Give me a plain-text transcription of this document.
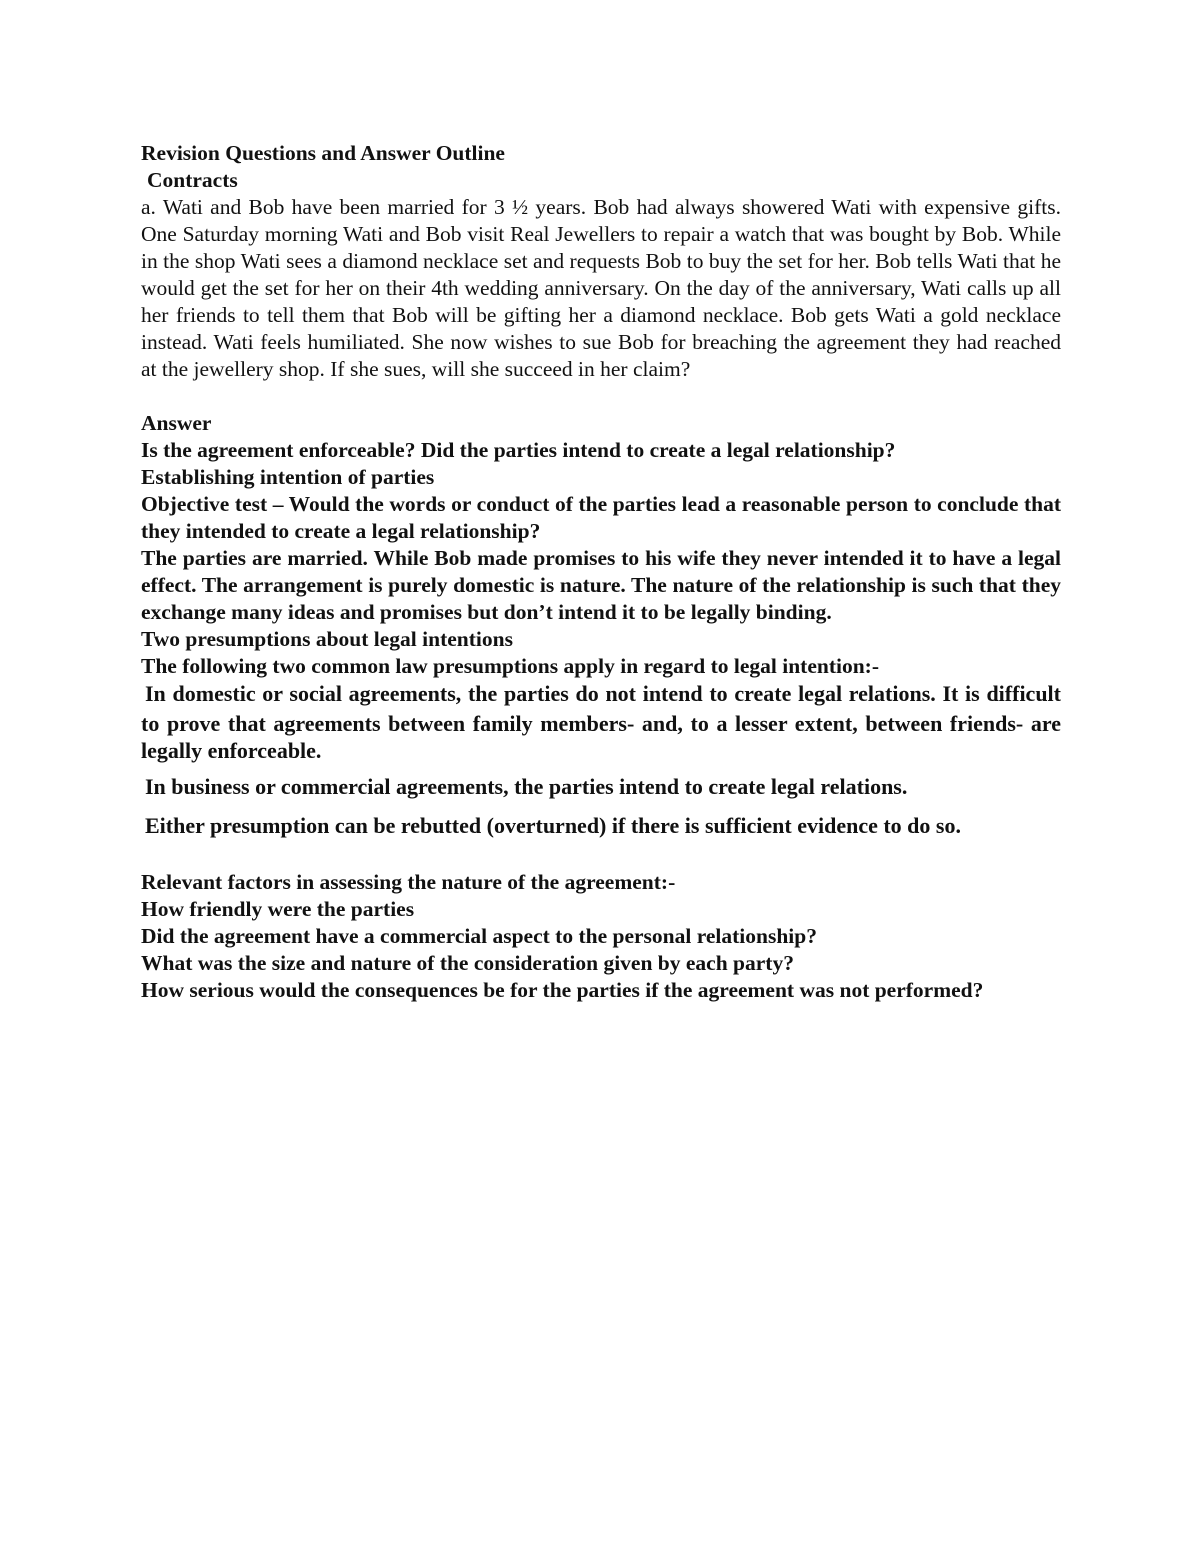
Revision Questions and Answer Outline

Contracts

a. Wati and Bob have been married for 3 ½ years. Bob had always showered Wati with expensive gifts. One Saturday morning Wati and Bob visit Real Jewellers to repair a watch that was bought by Bob. While in the shop Wati sees a diamond necklace set and requests Bob to buy the set for her. Bob tells Wati that he would get the set for her on their 4th wedding anniversary. On the day of the anniversary, Wati calls up all her friends to tell them that Bob will be gifting her a diamond necklace. Bob gets Wati a gold necklace instead. Wati feels humiliated. She now wishes to sue Bob for breaching the agreement they had reached at the jewellery shop. If she sues, will she succeed in her claim?

Answer

Is the agreement enforceable? Did the parties intend to create a legal relationship?

Establishing intention of parties

Objective test – Would the words or conduct of the parties lead a reasonable person to conclude that they intended to create a legal relationship?

The parties are married. While Bob made promises to his wife they never intended it to have a legal effect. The arrangement is purely domestic is nature. The nature of the relationship is such that they exchange many ideas and promises but don’t intend it to be legally binding.

Two presumptions about legal intentions

The following two common law presumptions apply in regard to legal intention:-

In domestic or social agreements, the parties do not intend to create legal relations. It is difficult to prove that agreements between family members- and, to a lesser extent, between friends- are legally enforceable.

In business or commercial agreements, the parties intend to create legal relations.

Either presumption can be rebutted (overturned) if there is sufficient evidence to do so.

Relevant factors in assessing the nature of the agreement:-

How friendly were the parties

Did the agreement have a commercial aspect to the personal relationship?

What was the size and nature of the consideration given by each party?

How serious would the consequences be for the parties if the agreement was not performed?
